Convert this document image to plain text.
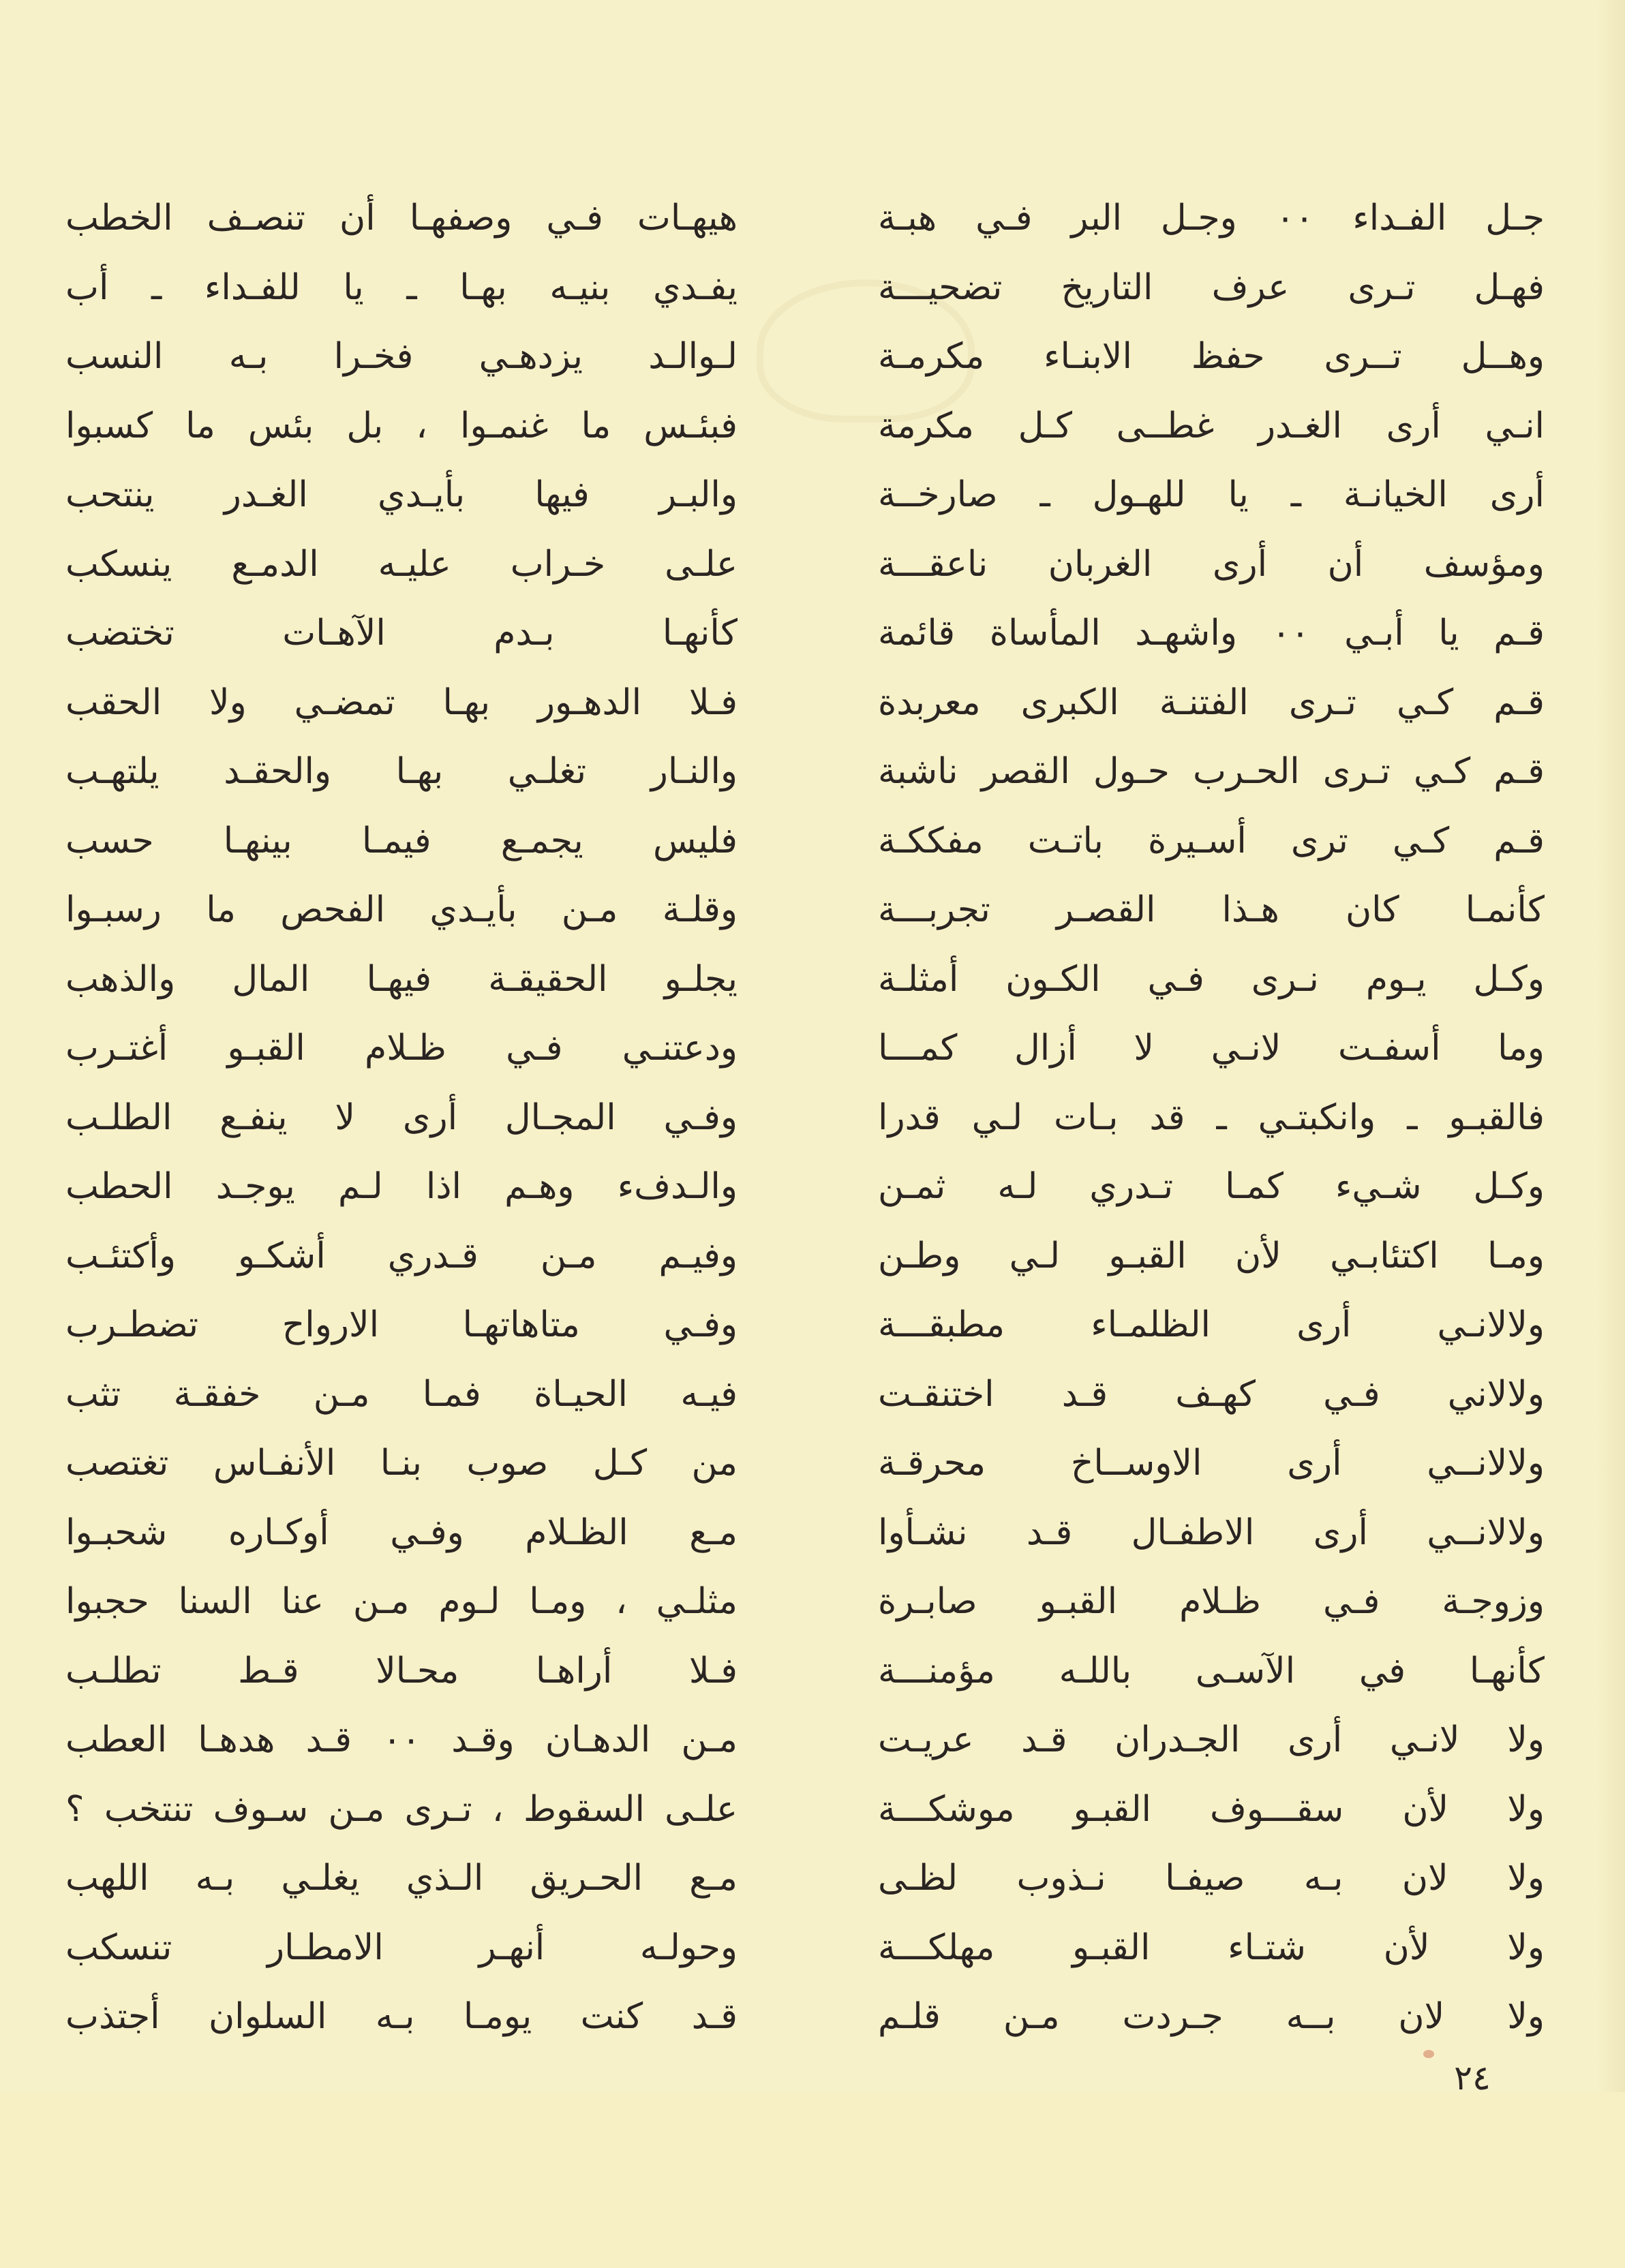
جـل الفـداء ٠٠ وجـل البر فـي هبـة
فهـل تـرى عرف التاريخ تضحيـــة
وهــل تــرى حفظ الابنـاء مكرمـة
انـي أرى الغـدر غطــى كـل مكرمة
أرى الخيانـة ـ يا للهـول ـ صارخــة
ومؤسف أن أرى الغربان ناعقـــة
قـم يا أبـي ٠٠ واشهـد المأساة قائمة
قـم كـي تـرى الفتنـة الكبرى معربدة
قـم كـي تـرى الحـرب حـول القصر ناشبة
قـم كـي ترى أسـيرة باتـت مفككـة
كأنمـا كان هـذا القصـر تجربـــة
وكـل يـوم نـرى فـي الكـون أمثلـة
وما أسفـت لانـي لا أزال كمـــا
فالقبـو ـ وانكبتـي ـ قد بـات لـي قدرا
وكـل شـيء كمـا تـدري لـه ثمـن
ومـا اكتئابـي لأن القبـو لـي وطـن
ولالانـي أرى الظلمـاء مطبقـــة
ولالاني فـي كهـف قـد اختنقـت
ولالانــي أرى الاوســاخ محرقـة
ولالانــي أرى الاطفـال قـد نشـأوا
وزوجـة فـي ظـلام القبـو صابـرة
كأنهـا في الآسـى باللـه مؤمنـــة
ولا لانـي أرى الجـدران قـد عريـت
ولا لأن سقـــوف القبـو موشكـــة
ولا لان بـه صيفـا نـذوب لظـى
ولا لأن شتـاء القبـو مهلكـــة
ولا لان بــه جـردت مـن قلـم
هيهـات فـي وصفهـا أن تنصـف الخطب
يفـدي بنيـه بهـا ـ يا للفـداء ـ أب
لـوالـد يزدهـي فخـرا بـه النسب
فبئـس ما غنمـوا ، بل بئس ما كسبوا
والبـر فيها بأيـدي الغـدر ينتحب
علـى خـراب عليـه الدمـع ينسكب
كأنهـا بـدم الآهـات تختضب
فـلا الدهـور بهـا تمضـي ولا الحقب
والنـار تغلـي بهـا والحقـد يلتهـب
فليس يجمـع فيمـا بينهـا حسب
وقلـة مـن بأيـدي الفحص ما رسبـوا
يجلـو الحقيقـة فيهـا المال والذهب
ودعتنـي فـي ظـلام القبـو أغتـرب
وفـي المجـال أرى لا ينفـع الطلـب
والـدفء وهـم اذا لـم يوجـد الحطب
وفيـم مـن قـدري أشكـو وأكتئـب
وفـي متاهاتهـا الارواح تضطـرب
فيـه الحيـاة فمـا مـن خفقـة تثب
من كـل صوب بنـا الأنفـاس تغتصب
مـع الظـلام وفـي أوكـاره شحبـوا
مثلـي ، ومـا لـوم مـن عنا السنا حجبوا
فـلا أراهـا محـالا قـط تطلـب
مـن الدهـان وقـد ٠٠ قـد هدهـا العطب
علـى السقوط ، تـرى مـن سـوف تنتخب ؟
مـع الحـريق الـذي يغلـي بـه اللهب
وحولـه أنهـر الامطـار تنسكب
قـد كنت يومـا بـه السلوان أجتذب
٢٤
